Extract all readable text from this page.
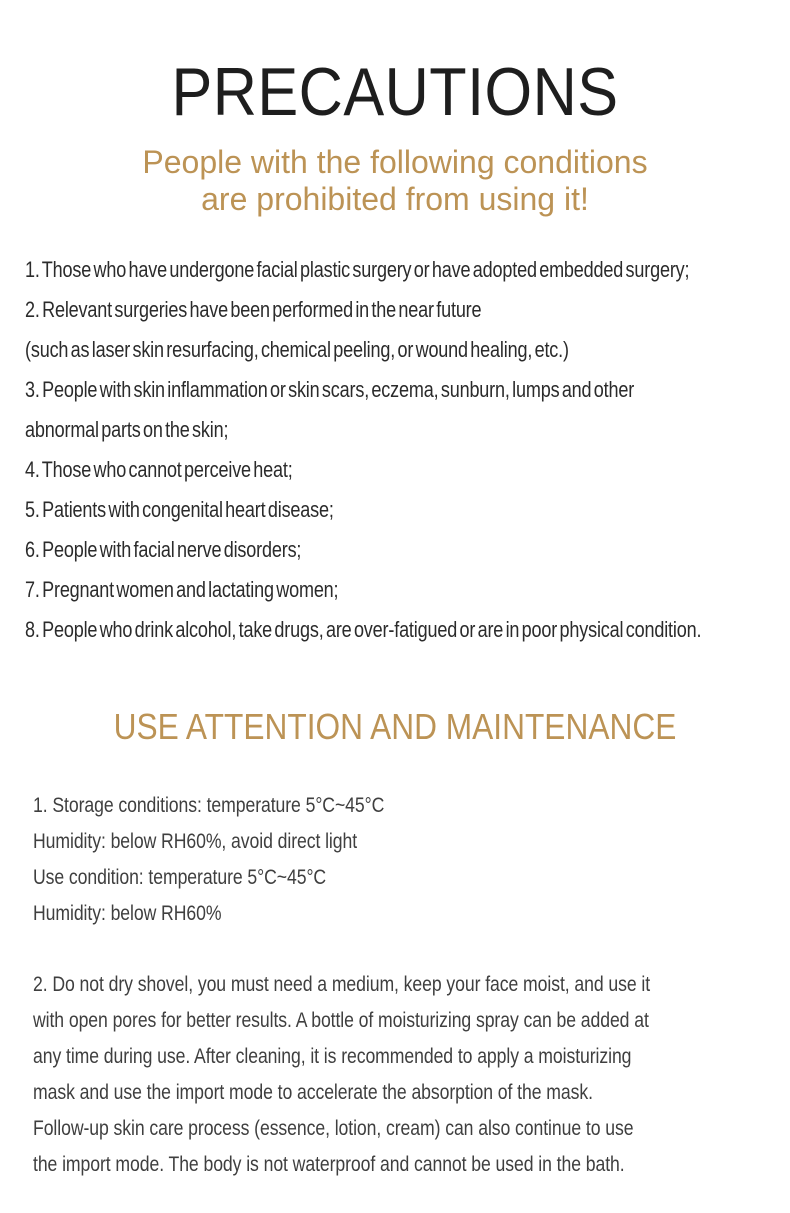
PRECAUTIONS
People with the following conditions
are prohibited from using it!
1. Those who have undergone facial plastic surgery or have adopted embedded surgery;
2. Relevant surgeries have been performed in the near future
(such as laser skin resurfacing, chemical peeling, or wound healing, etc.)
3. People with skin inflammation or skin scars, eczema, sunburn, lumps and other
abnormal parts on the skin;
4. Those who cannot perceive heat;
5. Patients with congenital heart disease;
6. People with facial nerve disorders;
7. Pregnant women and lactating women;
8. People who drink alcohol, take drugs, are over-fatigued or are in poor physical condition.
USE ATTENTION AND MAINTENANCE
1. Storage conditions: temperature 5°C~45°C
Humidity: below RH60%, avoid direct light
Use condition: temperature 5°C~45°C
Humidity: below RH60%
2. Do not dry shovel, you must need a medium, keep your face moist, and use it
with open pores for better results. A bottle of moisturizing spray can be added at
any time during use. After cleaning, it is recommended to apply a moisturizing
mask and use the import mode to accelerate the absorption of the mask.
Follow-up skin care process (essence, lotion, cream) can also continue to use
the import mode. The body is not waterproof and cannot be used in the bath.
